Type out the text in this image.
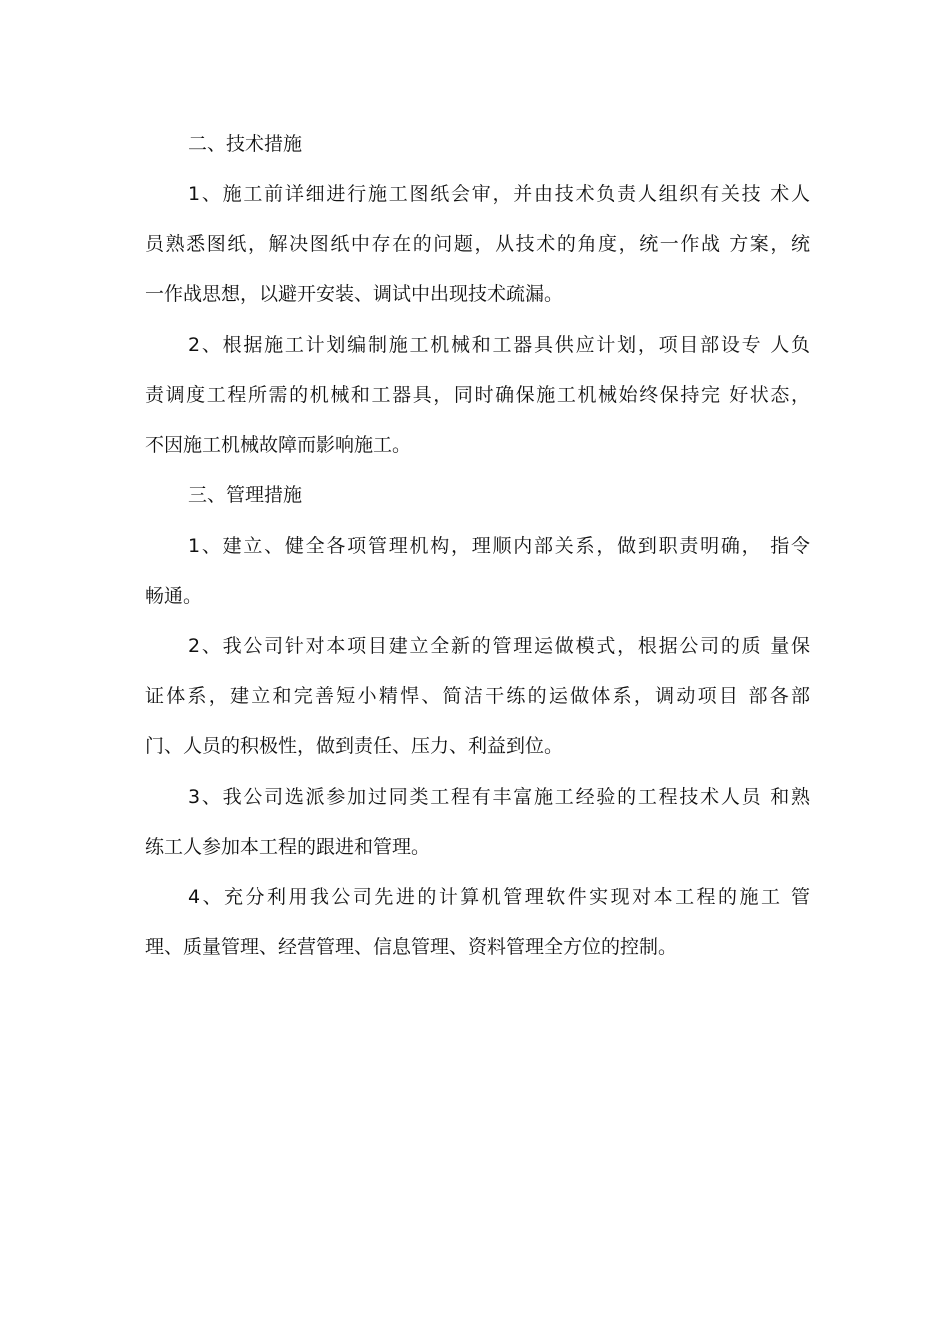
二、技术措施
1、施工前详细进行施工图纸会审，并由技术负责人组织有关技 术人
员熟悉图纸，解决图纸中存在的问题，从技术的角度，统一作战 方案，统
一作战思想，以避开安装、调试中出现技术疏漏。
2、根据施工计划编制施工机械和工器具供应计划，项目部设专 人负
责调度工程所需的机械和工器具，同时确保施工机械始终保持完 好状态，
不因施工机械故障而影响施工。
三、管理措施
1、建立、健全各项管理机构，理顺内部关系，做到职责明确， 指令
畅通。
2、我公司针对本项目建立全新的管理运做模式，根据公司的质 量保
证体系，建立和完善短小精悍、简洁干练的运做体系，调动项目 部各部
门、人员的积极性，做到责任、压力、利益到位。
3、我公司选派参加过同类工程有丰富施工经验的工程技术人员 和熟
练工人参加本工程的跟进和管理。
4、充分利用我公司先进的计算机管理软件实现对本工程的施工 管
理、质量管理、经营管理、信息管理、资料管理全方位的控制。
